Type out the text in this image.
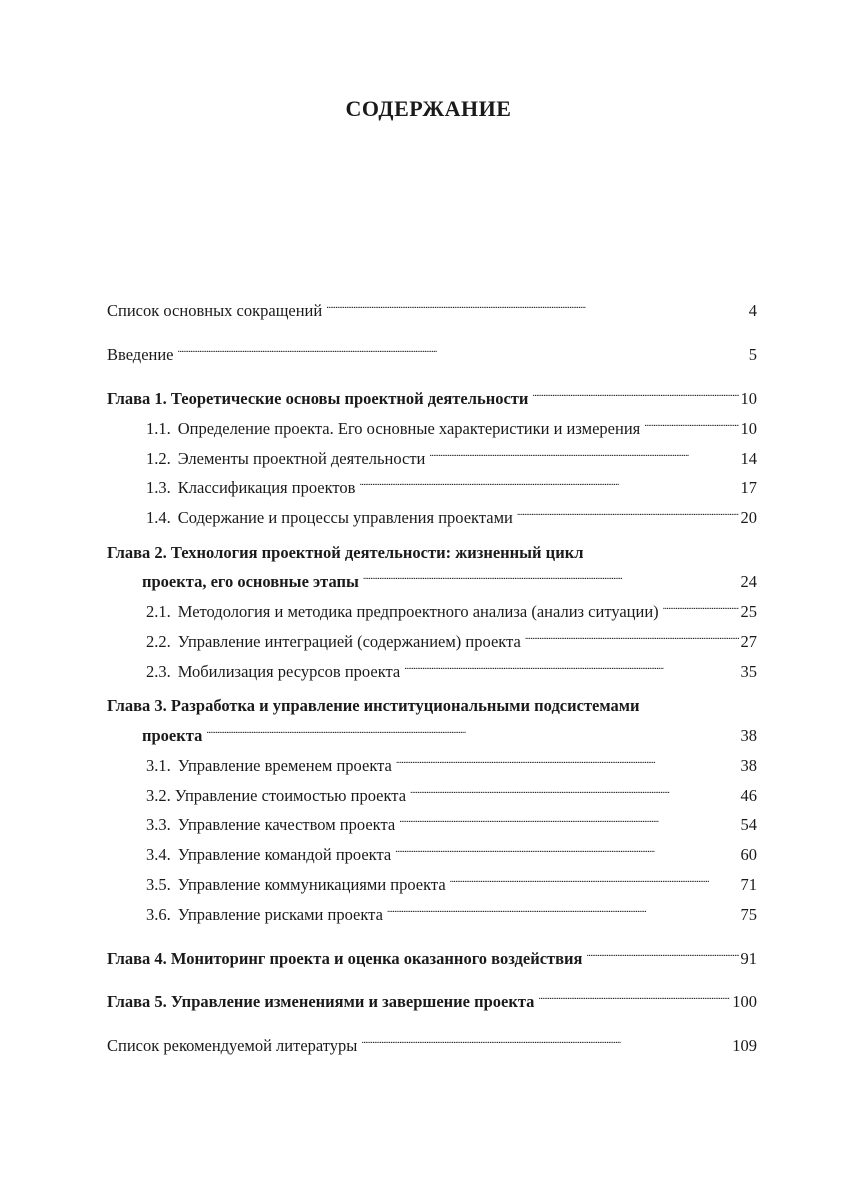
СОДЕРЖАНИЕ
Список основных сокращений . . .	4
Введение . . .	5
Глава 1. Теоретические основы проектной деятельности . . .	10
1.1. Определение проекта. Его основные характеристики и измерения . . .	10
1.2. Элементы проектной деятельности . . .	14
1.3. Классификация проектов . . .	17
1.4. Содержание и процессы управления проектами . . .	20
Глава 2. Технология проектной деятельности: жизненный цикл
проекта, его основные этапы . . .	24
2.1. Методология и методика предпроектного анализа (анализ ситуации) . . .	25
2.2. Управление интеграцией (содержанием) проекта . . .	27
2.3. Мобилизация ресурсов проекта . . .	35
Глава 3. Разработка и управление институциональными подсистемами
проекта . . .	38
3.1. Управление временем проекта . . .	38
3.2. Управление стоимостью проекта . . .	46
3.3. Управление качеством проекта . . .	54
3.4. Управление командой проекта . . .	60
3.5. Управление коммуникациями проекта . . .	71
3.6. Управление рисками проекта . . .	75
Глава 4. Мониторинг проекта и оценка оказанного воздействия . . .	91
Глава 5. Управление изменениями и завершение проекта . . .	100
Список рекомендуемой литературы . . .	109
